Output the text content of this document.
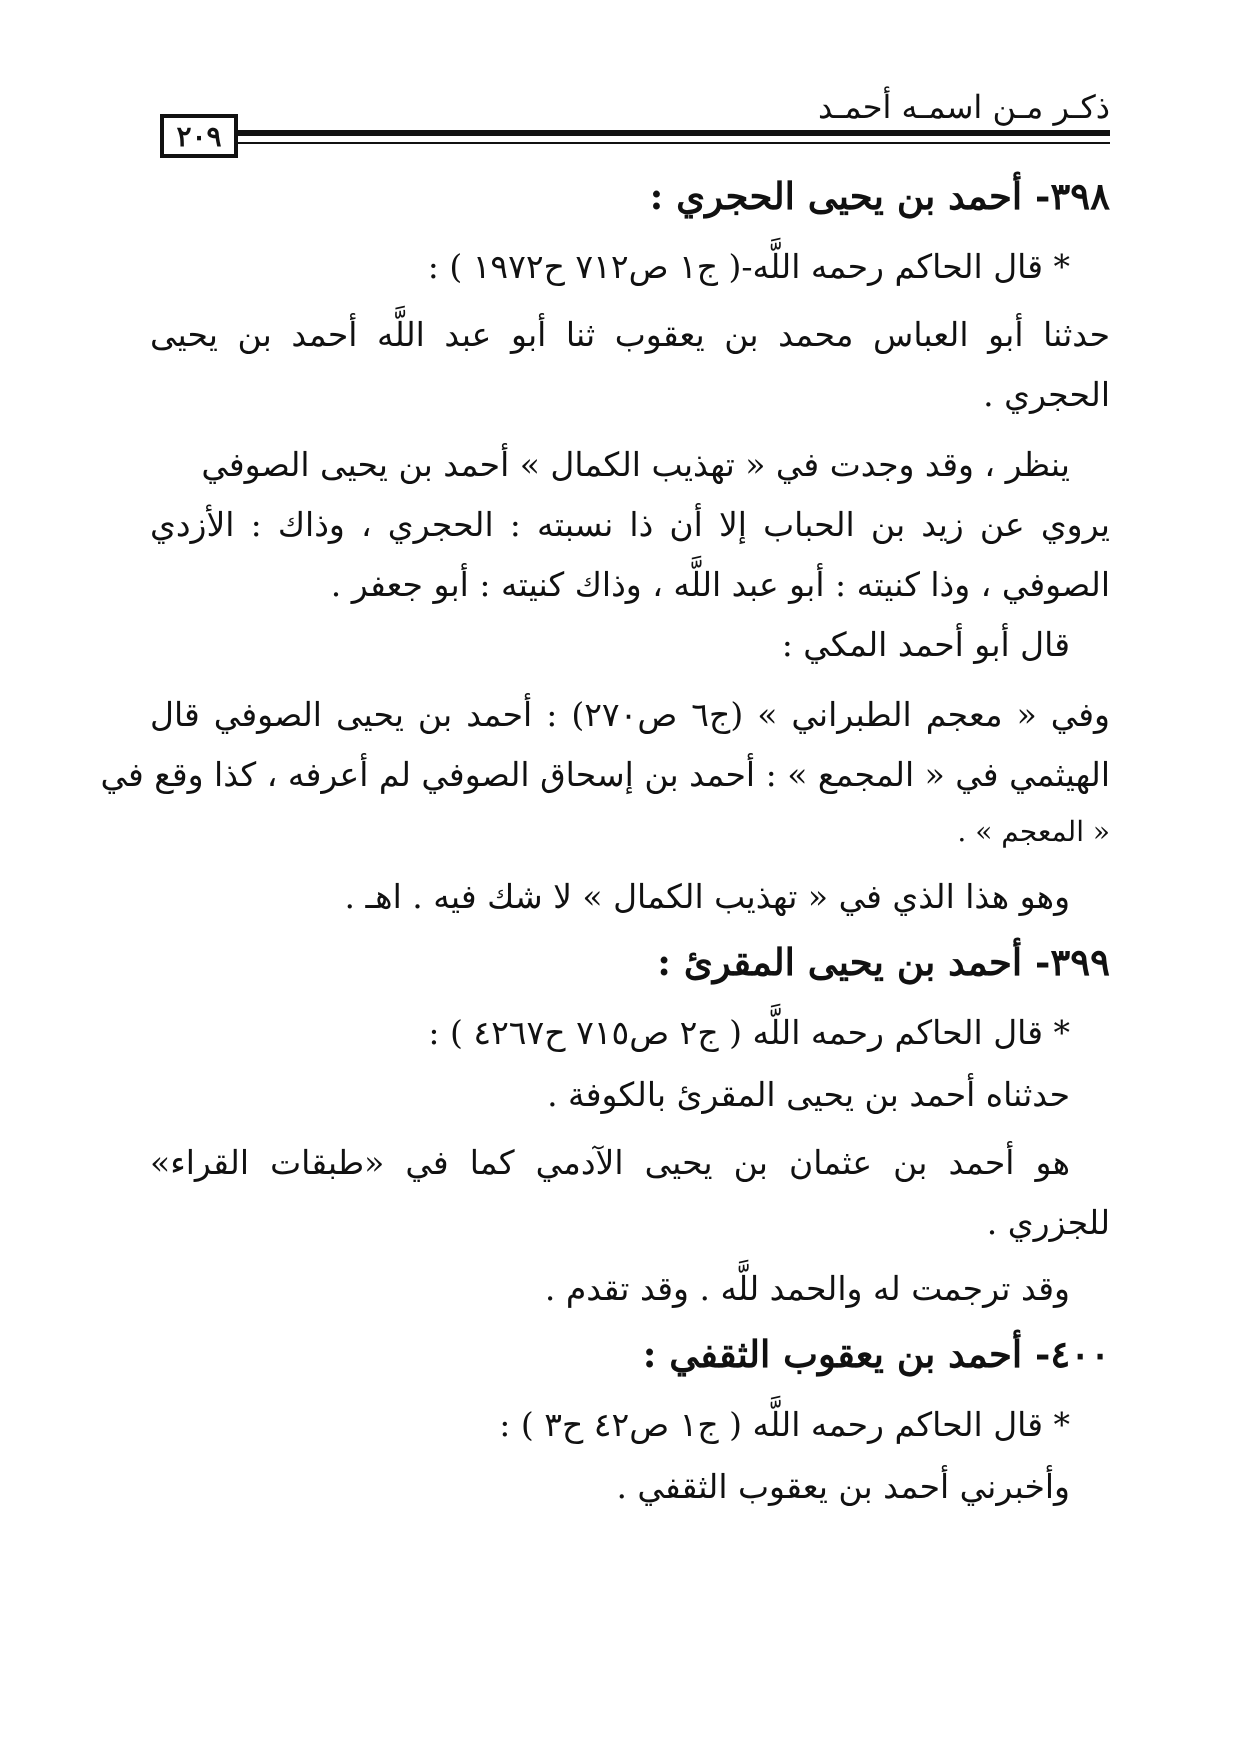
ذكـر مـن اسمـه أحمـد
٢٠٩
٣٩٨- أحمد بن يحيى الحجري :
* قال الحاكم رحمه اللَّه-( ج١ ص٧١٢ ح١٩٧٢ ) :
حدثنا أبو العباس محمد بن يعقوب ثنا أبو عبد اللَّه أحمد بن يحيى
الحجري .
ينظر ، وقد وجدت في « تهذيب الكمال » أحمد بن يحيى الصوفي
يروي عن زيد بن الحباب إلا أن ذا نسبته : الحجري ، وذاك : الأزدي
الصوفي ، وذا كنيته : أبو عبد اللَّه ، وذاك كنيته : أبو جعفر .
قال أبو أحمد المكي :
وفي « معجم الطبراني » (ج٦ ص٢٧٠) : أحمد بن يحيى الصوفي قال
الهيثمي في « المجمع » : أحمد بن إسحاق الصوفي لم أعرفه ، كذا وقع في
« المعجم » .
وهو هذا الذي في « تهذيب الكمال » لا شك فيه . اهـ .
٣٩٩- أحمد بن يحيى المقرئ :
* قال الحاكم رحمه اللَّه ( ج٢ ص٧١٥ ح٤٢٦٧ ) :
حدثناه أحمد بن يحيى المقرئ بالكوفة .
هو أحمد بن عثمان بن يحيى الآدمي كما في «طبقات القراء»
للجزري .
وقد ترجمت له والحمد للَّه . وقد تقدم .
٤٠٠- أحمد بن يعقوب الثقفي :
* قال الحاكم رحمه اللَّه ( ج١ ص٤٢ ح٣ ) :
وأخبرني أحمد بن يعقوب الثقفي .
